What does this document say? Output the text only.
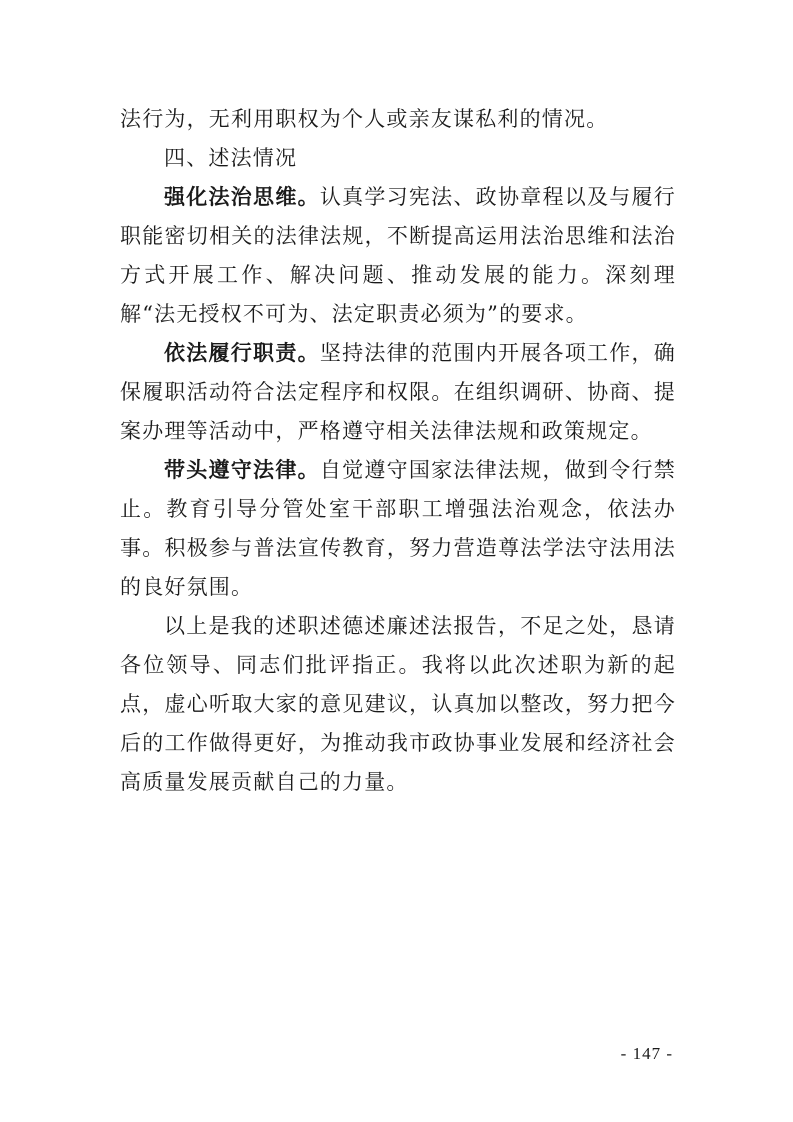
法行为，无利用职权为个人或亲友谋私利的情况。

四、述法情况

强化法治思维。认真学习宪法、政协章程以及与履行职能密切相关的法律法规，不断提高运用法治思维和法治方式开展工作、解决问题、推动发展的能力。深刻理解“法无授权不可为、法定职责必须为”的要求。

依法履行职责。坚持法律的范围内开展各项工作，确保履职活动符合法定程序和权限。在组织调研、协商、提案办理等活动中，严格遵守相关法律法规和政策规定。

带头遵守法律。自觉遵守国家法律法规，做到令行禁止。教育引导分管处室干部职工增强法治观念，依法办事。积极参与普法宣传教育，努力营造尊法学法守法用法的良好氛围。

以上是我的述职述德述廉述法报告，不足之处，恳请各位领导、同志们批评指正。我将以此次述职为新的起点，虚心听取大家的意见建议，认真加以整改，努力把今后的工作做得更好，为推动我市政协事业发展和经济社会高质量发展贡献自己的力量。

- 147 -
